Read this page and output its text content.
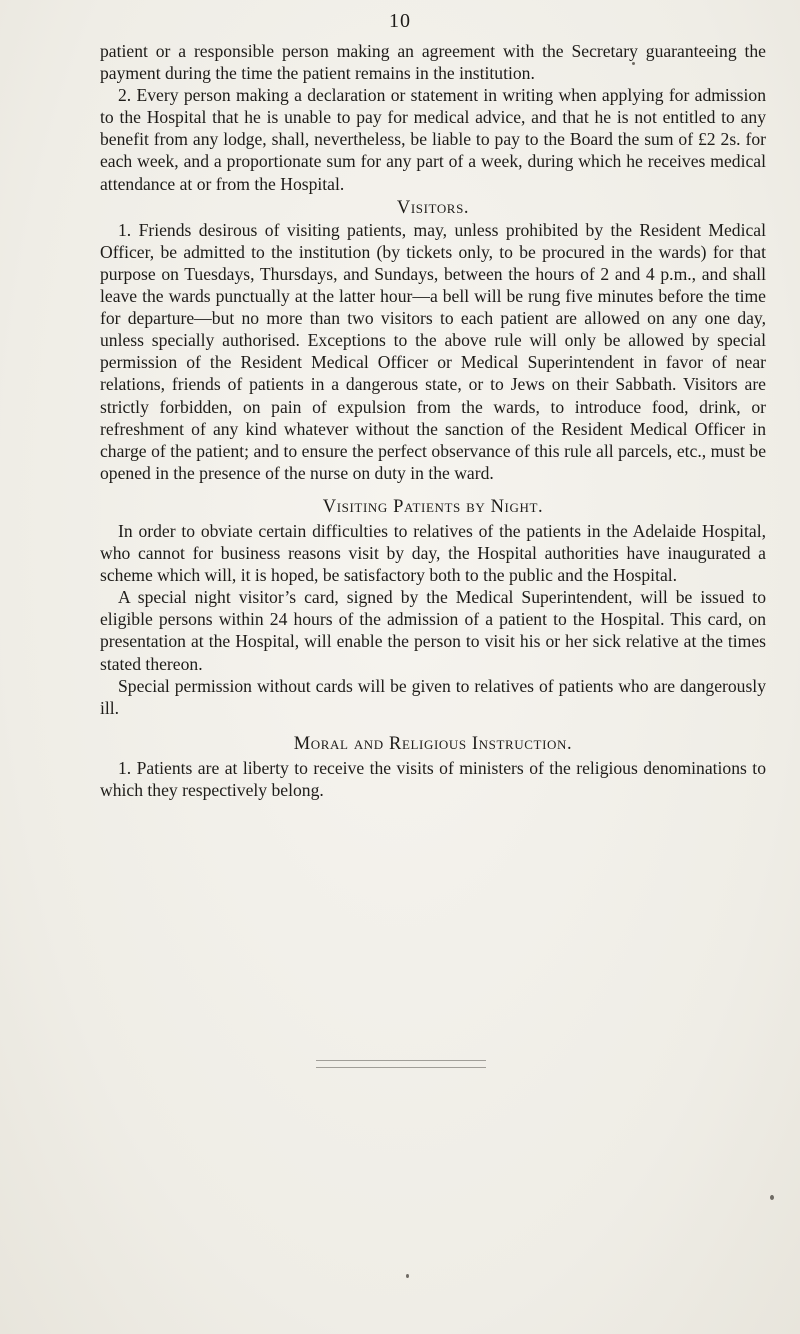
10

patient or a responsible person making an agreement with the Secretary guaranteeing the payment during the time the patient remains in the institution.

2. Every person making a declaration or statement in writing when applying for admission to the Hospital that he is unable to pay for medical advice, and that he is not entitled to any benefit from any lodge, shall, nevertheless, be liable to pay to the Board the sum of £2 2s. for each week, and a proportionate sum for any part of a week, during which he receives medical attendance at or from the Hospital.

Visitors.

1. Friends desirous of visiting patients, may, unless prohibited by the Resident Medical Officer, be admitted to the institution (by tickets only, to be procured in the wards) for that purpose on Tuesdays, Thursdays, and Sundays, between the hours of 2 and 4 p.m., and shall leave the wards punctually at the latter hour—a bell will be rung five minutes before the time for departure—but no more than two visitors to each patient are allowed on any one day, unless specially authorised. Exceptions to the above rule will only be allowed by special permission of the Resident Medical Officer or Medical Superintendent in favor of near relations, friends of patients in a dangerous state, or to Jews on their Sabbath. Visitors are strictly forbidden, on pain of expulsion from the wards, to introduce food, drink, or refreshment of any kind whatever without the sanction of the Resident Medical Officer in charge of the patient; and to ensure the perfect observance of this rule all parcels, etc., must be opened in the presence of the nurse on duty in the ward.

Visiting Patients by Night.

In order to obviate certain difficulties to relatives of the patients in the Adelaide Hospital, who cannot for business reasons visit by day, the Hospital authorities have inaugurated a scheme which will, it is hoped, be satisfactory both to the public and the Hospital.

A special night visitor’s card, signed by the Medical Superintendent, will be issued to eligible persons within 24 hours of the admission of a patient to the Hospital. This card, on presentation at the Hospital, will enable the person to visit his or her sick relative at the times stated thereon.

Special permission without cards will be given to relatives of patients who are dangerously ill.

Moral and Religious Instruction.

1. Patients are at liberty to receive the visits of ministers of the religious denominations to which they respectively belong.
